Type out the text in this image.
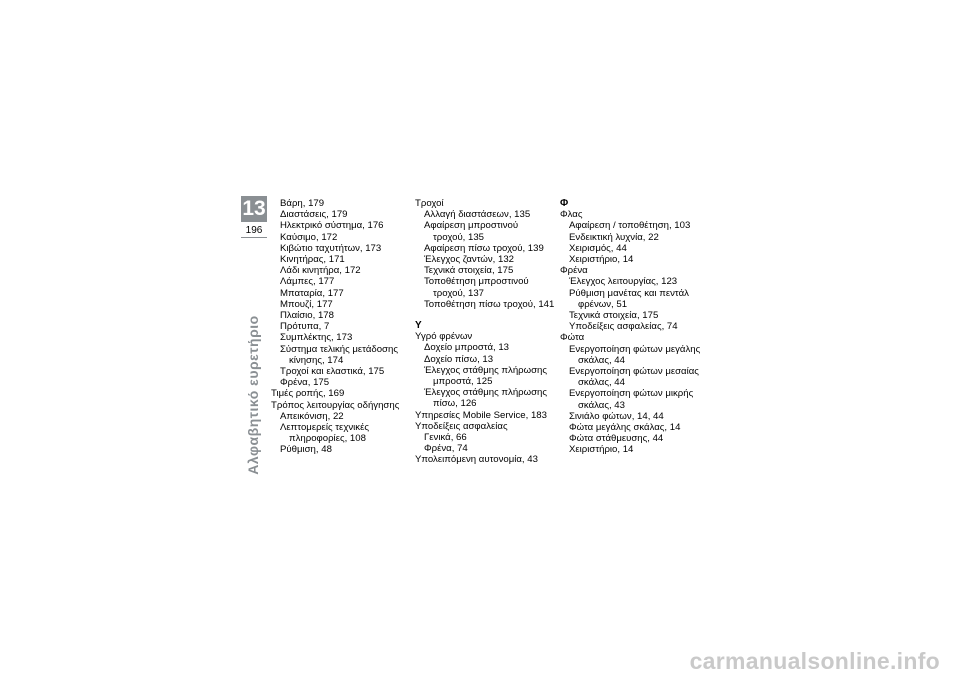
13
196
Αλφαβητικό ευρετήριο
Βάρη, 179
Διαστάσεις, 179
Ηλεκτρικό σύστημα, 176
Καύσιμο, 172
Κιβώτιο ταχυτήτων, 173
Κινητήρας, 171
Λάδι κινητήρα, 172
Λάμπες, 177
Μπαταρία, 177
Μπουζί, 177
Πλαίσιο, 178
Πρότυπα, 7
Συμπλέκτης, 173
Σύστημα τελικής μετάδοσης
κίνησης, 174
Τροχοί και ελαστικά, 175
Φρένα, 175
Τιμές ροπής, 169
Τρόπος λειτουργίας οδήγησης
Απεικόνιση, 22
Λεπτομερείς τεχνικές
πληροφορίες, 108
Ρύθμιση, 48
Τροχοί
Αλλαγή διαστάσεων, 135
Αφαίρεση μπροστινού
τροχού, 135
Αφαίρεση πίσω τροχού, 139
Έλεγχος ζαντών, 132
Τεχνικά στοιχεία, 175
Τοποθέτηση μπροστινού
τροχού, 137
Τοποθέτηση πίσω τροχού, 141
Υ
Υγρό φρένων
Δοχείο μπροστά, 13
Δοχείο πίσω, 13
Έλεγχος στάθμης πλήρωσης
μπροστά, 125
Έλεγχος στάθμης πλήρωσης
πίσω, 126
Υπηρεσίες Mobile Service, 183
Υποδείξεις ασφαλείας
Γενικά, 66
Φρένα, 74
Υπολειπόμενη αυτονομία, 43
Φ
Φλας
Αφαίρεση / τοποθέτηση, 103
Ενδεικτική λυχνία, 22
Χειρισμός, 44
Χειριστήριο, 14
Φρένα
Έλεγχος λειτουργίας, 123
Ρύθμιση μανέτας και πεντάλ
φρένων, 51
Τεχνικά στοιχεία, 175
Υποδείξεις ασφαλείας, 74
Φώτα
Ενεργοποίηση φώτων μεγάλης
σκάλας, 44
Ενεργοποίηση φώτων μεσαίας
σκάλας, 44
Ενεργοποίηση φώτων μικρής
σκάλας, 43
Σινιάλο φώτων, 14, 44
Φώτα μεγάλης σκάλας, 14
Φώτα στάθμευσης, 44
Χειριστήριο, 14
carmanualsonline.info
